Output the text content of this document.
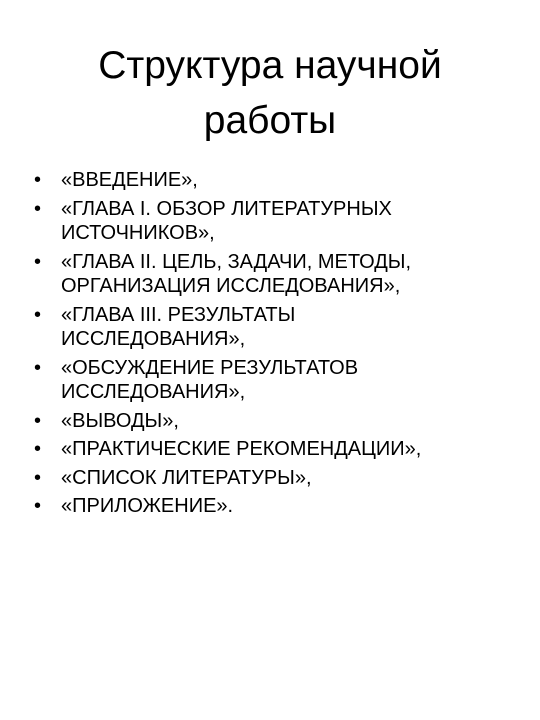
Структура научной
работы
• «ВВЕДЕНИЕ»,
• «ГЛАВА I. ОБЗОР ЛИТЕРАТУРНЫХ
ИСТОЧНИКОВ»,
• «ГЛАВА II. ЦЕЛЬ, ЗАДАЧИ, МЕТОДЫ,
ОРГАНИЗАЦИЯ ИССЛЕДОВАНИЯ»,
• «ГЛАВА III. РЕЗУЛЬТАТЫ
ИССЛЕДОВАНИЯ»,
• «ОБСУЖДЕНИЕ РЕЗУЛЬТАТОВ
ИССЛЕДОВАНИЯ»,
• «ВЫВОДЫ»,
• «ПРАКТИЧЕСКИЕ РЕКОМЕНДАЦИИ»,
• «СПИСОК ЛИТЕРАТУРЫ»,
• «ПРИЛОЖЕНИЕ».
